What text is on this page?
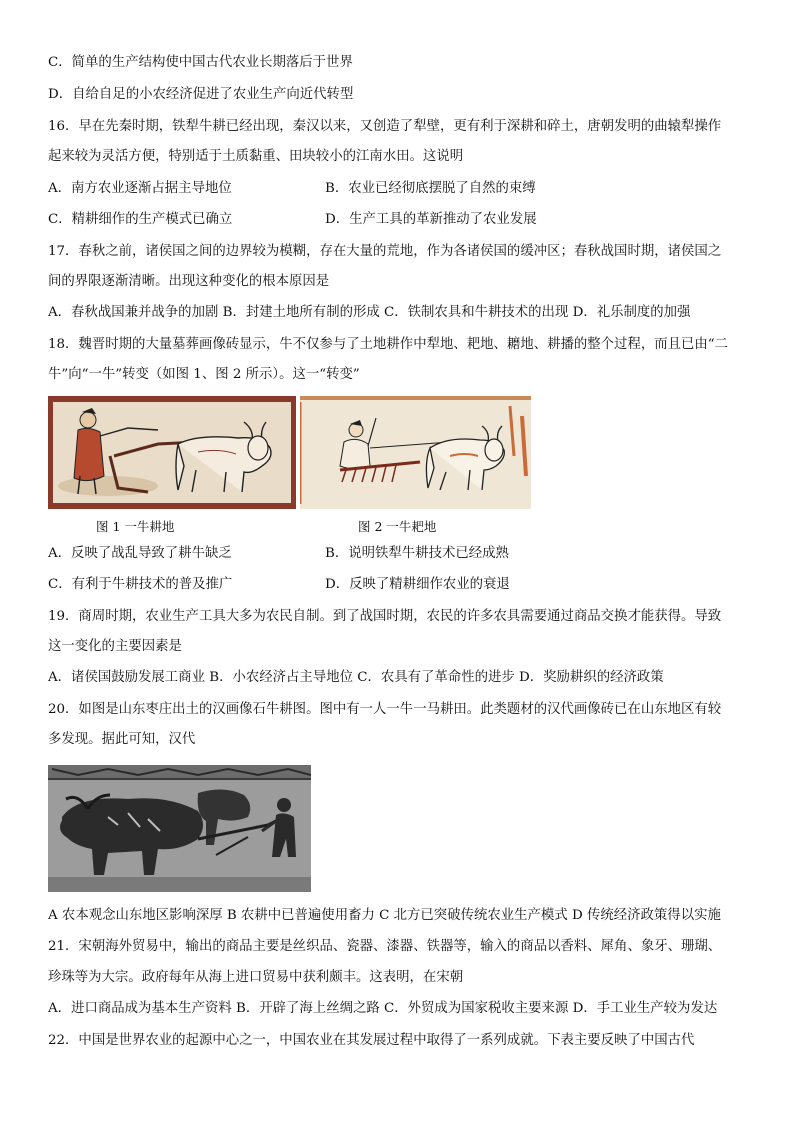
C．简单的生产结构使中国古代农业长期落后于世界
D．自给自足的小农经济促进了农业生产向近代转型
16．早在先秦时期，铁犁牛耕已经出现，秦汉以来，又创造了犁壁，更有利于深耕和碎土，唐朝发明的曲辕犁操作
起来较为灵活方便，特别适于土质黏重、田块较小的江南水田。这说明
A．南方农业逐渐占据主导地位	B．农业已经彻底摆脱了自然的束缚
C．精耕细作的生产模式已确立	D．生产工具的革新推动了农业发展
17．春秋之前，诸侯国之间的边界较为模糊，存在大量的荒地，作为各诸侯国的缓冲区；春秋战国时期，诸侯国之
间的界限逐渐清晰。出现这种变化的根本原因是
A．春秋战国兼并战争的加剧 B．封建土地所有制的形成 C．铁制农具和牛耕技术的出现 D．礼乐制度的加强
18．魏晋时期的大量墓葬画像砖显示，牛不仅参与了土地耕作中犁地、耙地、耱地、耕播的整个过程，而且已由“二
牛”向“一牛”转变（如图 1、图 2 所示）。这一“转变”
图 1 一牛耕地	图 2 一牛耙地
A．反映了战乱导致了耕牛缺乏	B．说明铁犁牛耕技术已经成熟
C．有利于牛耕技术的普及推广	D．反映了精耕细作农业的衰退
19．商周时期，农业生产工具大多为农民自制。到了战国时期，农民的许多农具需要通过商品交换才能获得。导致
这一变化的主要因素是
A．诸侯国鼓励发展工商业 B．小农经济占主导地位 C．农具有了革命性的进步 D．奖励耕织的经济政策
20．如图是山东枣庄出土的汉画像石牛耕图。图中有一人一牛一马耕田。此类题材的汉代画像砖已在山东地区有较
多发现。据此可知，汉代
A 农本观念山东地区影响深厚 B 农耕中已普遍使用畜力 C 北方已突破传统农业生产模式 D 传统经济政策得以实施
21．宋朝海外贸易中，输出的商品主要是丝织品、瓷器、漆器、铁器等，输入的商品以香料、犀角、象牙、珊瑚、
珍珠等为大宗。政府每年从海上进口贸易中获利颇丰。这表明，在宋朝
A．进口商品成为基本生产资料 B．开辟了海上丝绸之路 C．外贸成为国家税收主要来源 D．手工业生产较为发达
22．中国是世界农业的起源中心之一，中国农业在其发展过程中取得了一系列成就。下表主要反映了中国古代
